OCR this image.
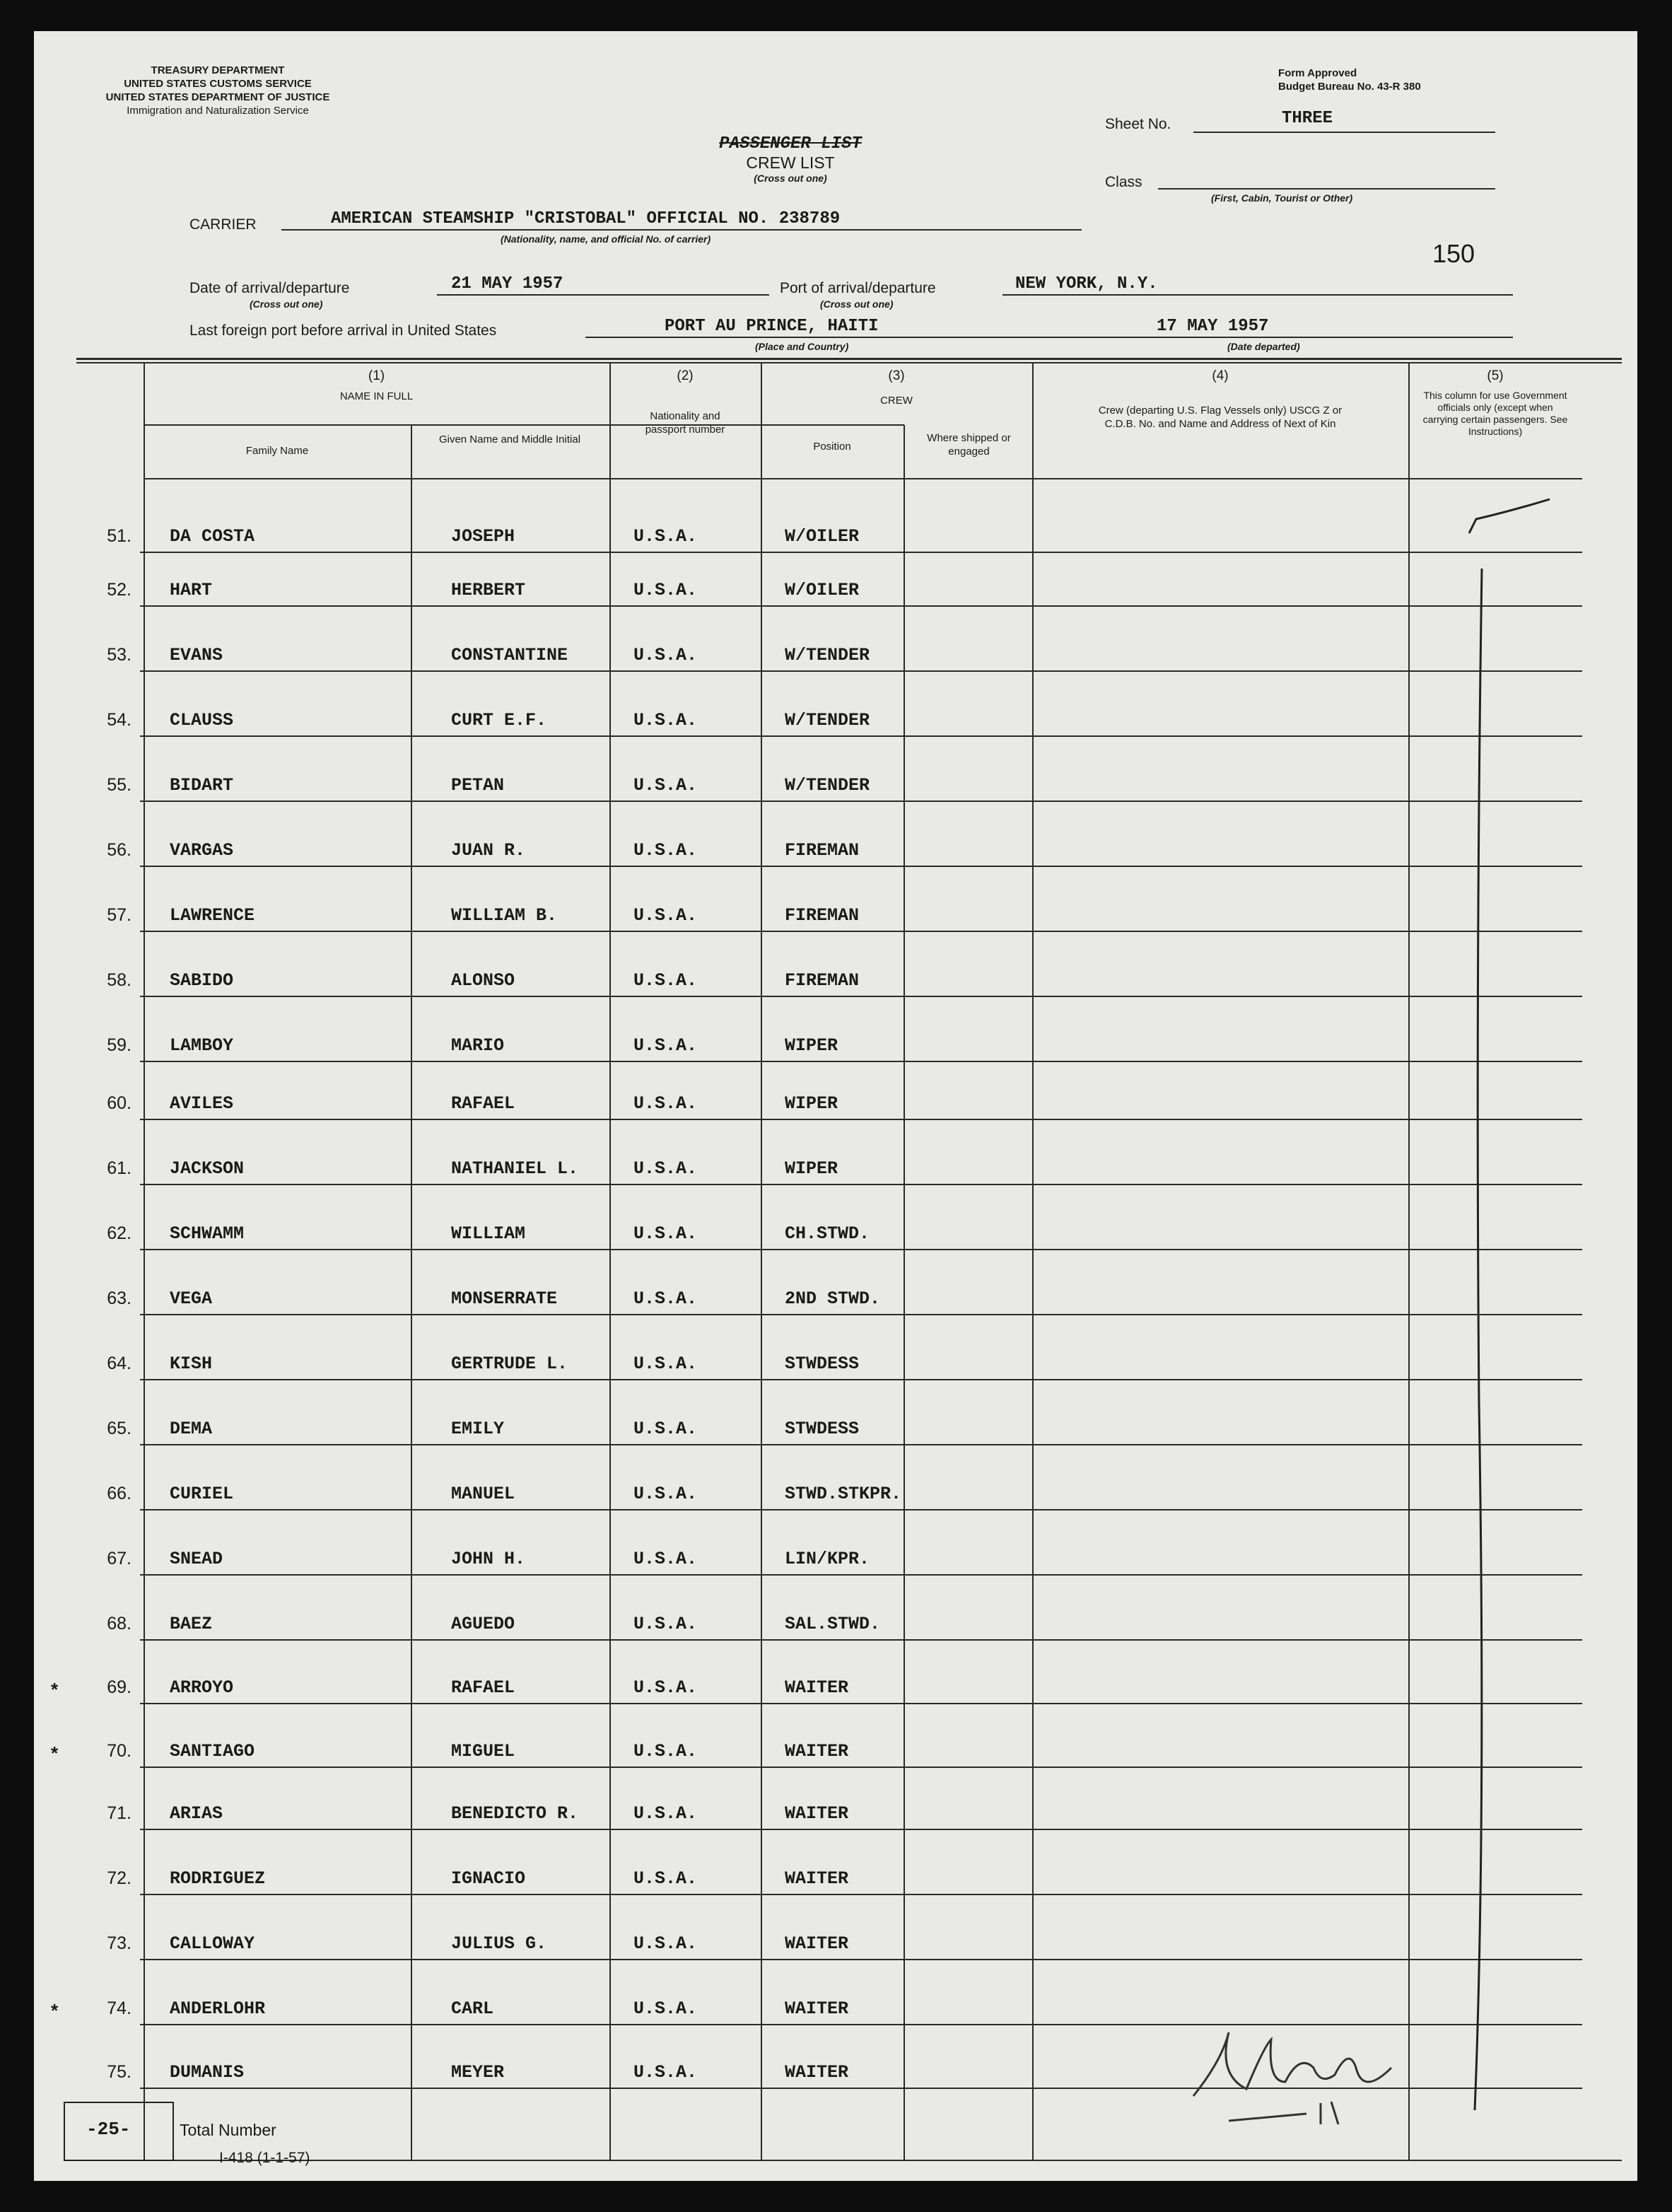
TREASURY DEPARTMENT
UNITED STATES CUSTOMS SERVICE
UNITED STATES DEPARTMENT OF JUSTICE
Immigration and Naturalization Service
Form Approved
Budget Bureau No. 43-R 380
PASSENGER LIST
CREW LIST
(Cross out one)
Sheet No.	THREE
Class
(First, Cabin, Tourist or Other)
CARRIER	AMERICAN STEAMSHIP "CRISTOBAL" OFFICIAL NO. 238789
(Nationality, name, and official No. of carrier)	150
Date of arrival/departure
(Cross out one)
21 MAY 1957	Port of arrival/departure
(Cross out one)
NEW YORK, N.Y.
Last foreign port before arrival in United States	PORT AU PRINCE, HAITI
(Place and Country)
17 MAY 1957
(Date departed)
(1)
NAME IN FULL
Family Name
Given Name and Middle Initial
(2)
Nationality and passport number
(3)
CREW
Position
Where shipped or engaged
(4)
Crew (departing U.S. Flag Vessels only) USCG Z or C.D.B. No. and Name and Address of Next of Kin
(5)
This column for use Government officials only (except when carrying certain passengers. See Instructions)
51. DA COSTA	JOSEPH	U.S.A.	W/OILER
52. HART	HERBERT	U.S.A.	W/OILER
53. EVANS	CONSTANTINE	U.S.A.	W/TENDER
54. CLAUSS	CURT E.F.	U.S.A.	W/TENDER
55. BIDART	PETAN	U.S.A.	W/TENDER
56. VARGAS	JUAN R.	U.S.A.	FIREMAN
57. LAWRENCE	WILLIAM B.	U.S.A.	FIREMAN
58. SABIDO	ALONSO	U.S.A.	FIREMAN
59. LAMBOY	MARIO	U.S.A.	WIPER
60. AVILES	RAFAEL	U.S.A.	WIPER
61. JACKSON	NATHANIEL L.	U.S.A.	WIPER
62. SCHWAMM	WILLIAM	U.S.A.	CH.STWD.
63. VEGA	MONSERRATE	U.S.A.	2ND STWD.
64. KISH	GERTRUDE L.	U.S.A.	STWDESS
65. DEMA	EMILY	U.S.A.	STWDESS
66. CURIEL	MANUEL	U.S.A.	STWD.STKPR.
67. SNEAD	JOHN H.	U.S.A.	LIN/KPR.
68. BAEZ	AGUEDO	U.S.A.	SAL.STWD.
69. ARROYO	RAFAEL	U.S.A.	WAITER
*
70. SANTIAGO	MIGUEL	U.S.A.	WAITER
*
71. ARIAS	BENEDICTO R.	U.S.A.	WAITER
72. RODRIGUEZ	IGNACIO	U.S.A.	WAITER
73. CALLOWAY	JULIUS G.	U.S.A.	WAITER
74. ANDERLOHR	CARL	U.S.A.	WAITER
*
75. DUMANIS	MEYER	U.S.A.	WAITER
-25-	Total Number
I-418 (1-1-57)
